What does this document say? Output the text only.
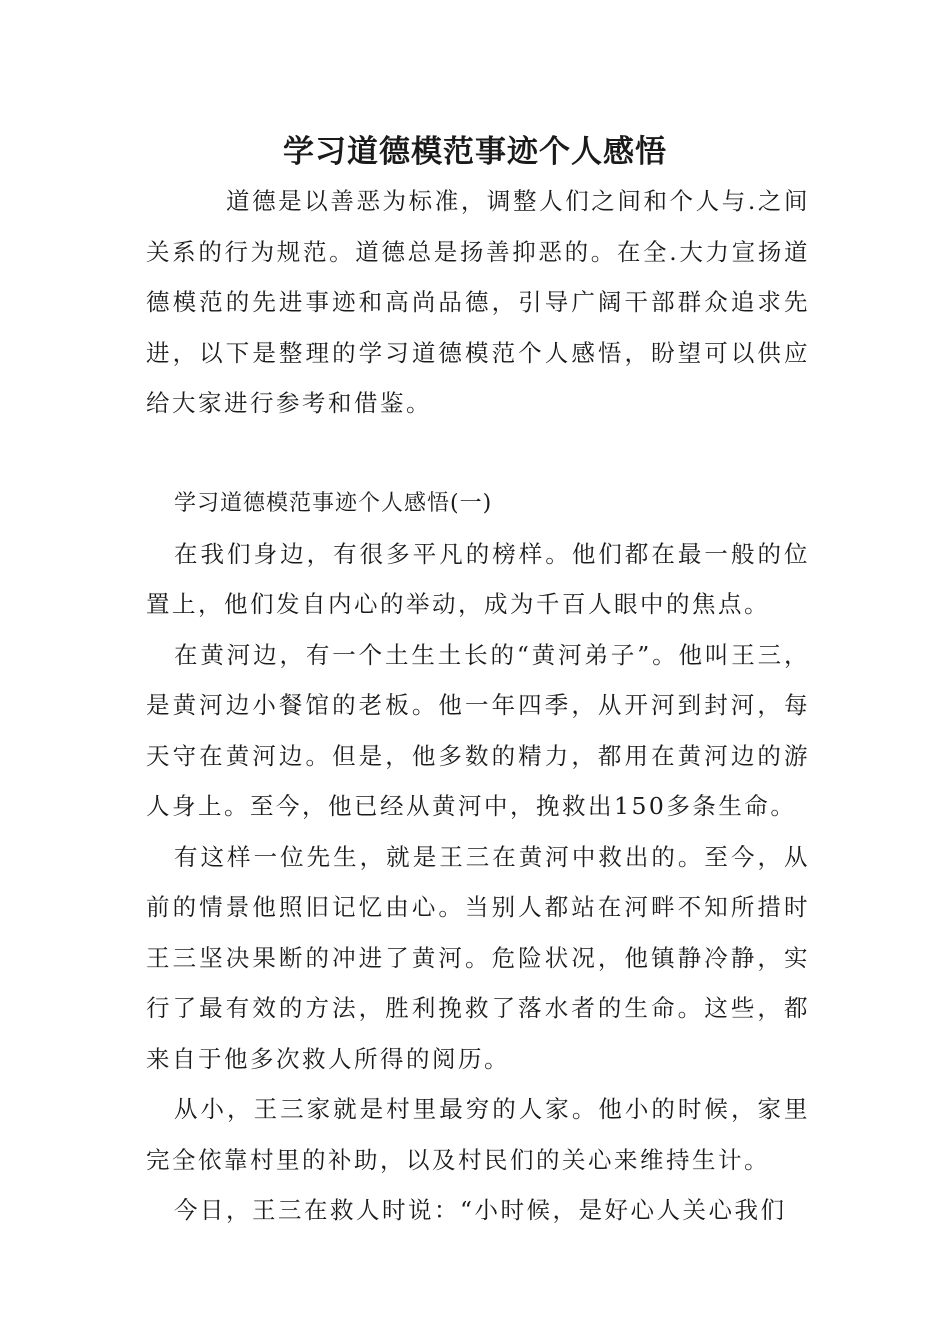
学习道德模范事迹个人感悟

道德是以善恶为标准，调整人们之间和个人与.之间关系的行为规范。道德总是扬善抑恶的。在全.大力宣扬道德模范的先进事迹和高尚品德，引导广阔干部群众追求先进，以下是整理的学习道德模范个人感悟，盼望可以供应给大家进行参考和借鉴。

学习道德模范事迹个人感悟(一)

在我们身边，有很多平凡的榜样。他们都在最一般的位置上，他们发自内心的举动，成为千百人眼中的焦点。

在黄河边，有一个土生土长的“黄河弟子”。他叫王三，是黄河边小餐馆的老板。他一年四季，从开河到封河，每天守在黄河边。但是，他多数的精力，都用在黄河边的游人身上。至今，他已经从黄河中，挽救出150多条生命。

有这样一位先生，就是王三在黄河中救出的。至今，从前的情景他照旧记忆由心。当别人都站在河畔不知所措时王三坚决果断的冲进了黄河。危险状况，他镇静冷静，实行了最有效的方法，胜利挽救了落水者的生命。这些，都来自于他多次救人所得的阅历。

从小，王三家就是村里最穷的人家。他小的时候，家里完全依靠村里的补助，以及村民们的关心来维持生计。

今日，王三在救人时说：“小时候，是好心人关心我们
